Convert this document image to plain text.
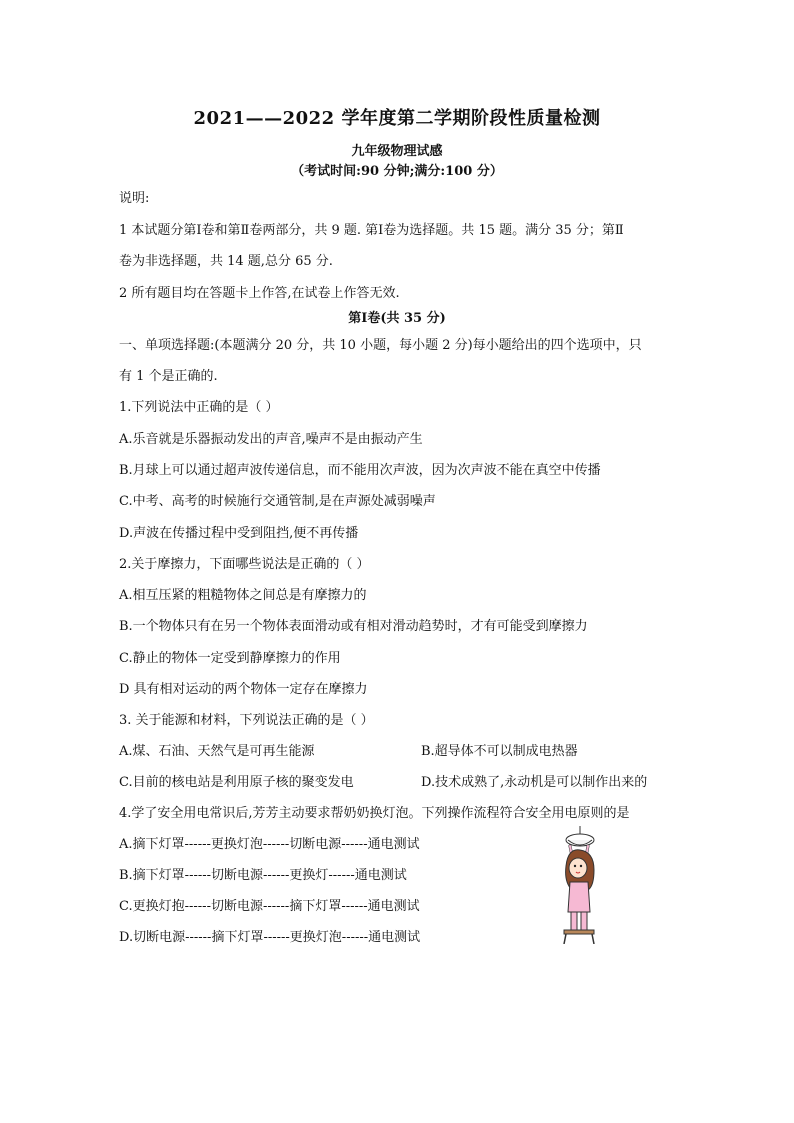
2021——2022 学年度第二学期阶段性质量检测
九年级物理试感
（考试时间:90 分钟;满分:100 分）
说明:
1 本试题分第Ⅰ卷和第Ⅱ卷两部分，共 9 题. 第Ⅰ卷为选择题。共 15 题。满分 35 分；第Ⅱ
卷为非选择题，共 14 题,总分 65 分.
2 所有题目均在答题卡上作答,在试卷上作答无效.
第Ⅰ卷(共 35 分)
一、单项选择题:(本题满分 20 分，共 10 小题，每小题 2 分)每小题给出的四个选项中，只
有 1 个是正确的.
1.下列说法中正确的是（ ）
A.乐音就是乐器振动发出的声音,噪声不是由振动产生
B.月球上可以通过超声波传递信息，而不能用次声波，因为次声波不能在真空中传播
C.中考、高考的时候施行交通管制,是在声源处减弱噪声
D.声波在传播过程中受到阻挡,便不再传播
2.关于摩擦力，下面哪些说法是正确的（ ）
A.相互压紧的粗糙物体之间总是有摩擦力的
B.一个物体只有在另一个物体表面滑动或有相对滑动趋势时，才有可能受到摩擦力
C.静止的物体一定受到静摩擦力的作用
D 具有相对运动的两个物体一定存在摩擦力
3. 关于能源和材料，下列说法正确的是（ ）
A.煤、石油、天然气是可再生能源	B.超导体不可以制成电热器
C.目前的核电站是利用原子核的聚变发电	D.技术成熟了,永动机是可以制作出来的
4.学了安全用电常识后,芳芳主动要求帮奶奶换灯泡。下列操作流程符合安全用电原则的是
A.摘下灯罩------更换灯泡------切断电源------通电测试
B.摘下灯罩------切断电源------更换灯------通电测试
C.更换灯抱------切断电源------摘下灯罩------通电测试
D.切断电源------摘下灯罩------更换灯泡------通电测试
